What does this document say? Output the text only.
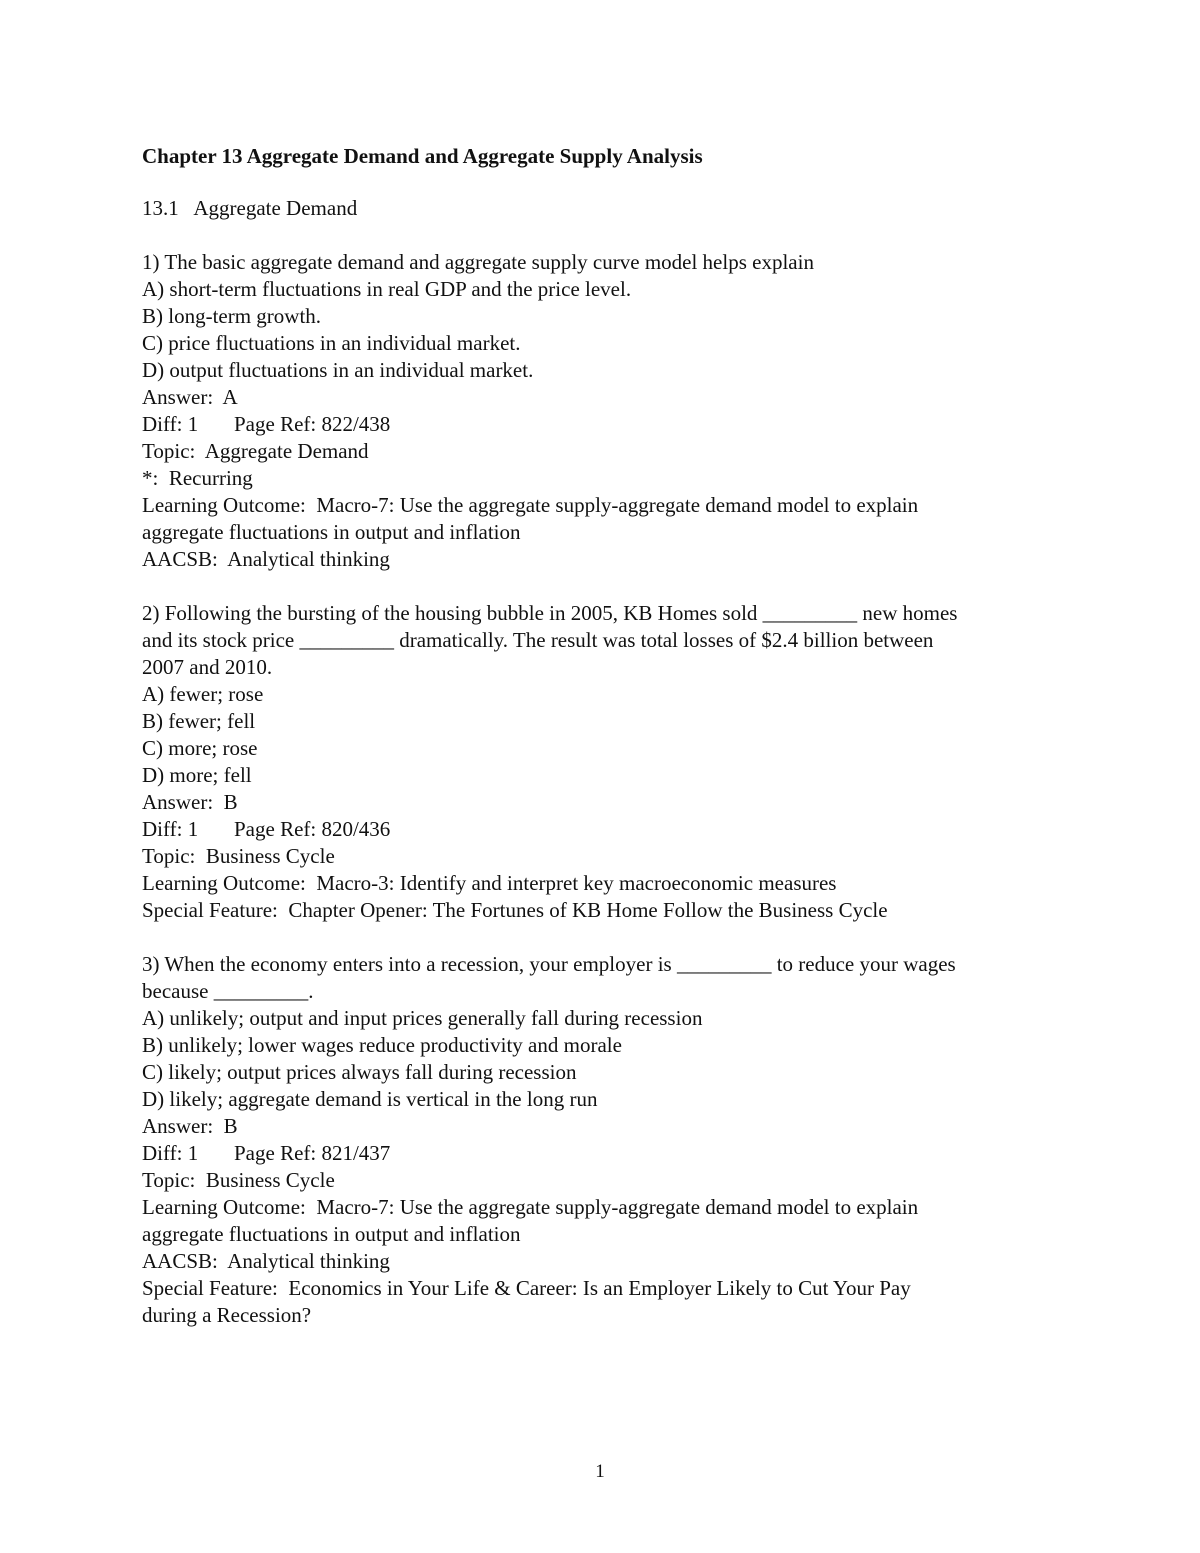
Chapter 13 Aggregate Demand and Aggregate Supply Analysis
13.1   Aggregate Demand
1) The basic aggregate demand and aggregate supply curve model helps explain
A) short-term fluctuations in real GDP and the price level.
B) long-term growth.
C) price fluctuations in an individual market.
D) output fluctuations in an individual market.
Answer:  A
Diff: 1 Page Ref: 822/438
Topic:  Aggregate Demand
*:  Recurring
Learning Outcome:  Macro-7: Use the aggregate supply-aggregate demand model to explain
aggregate fluctuations in output and inflation
AACSB:  Analytical thinking
2) Following the bursting of the housing bubble in 2005, KB Homes sold _________ new homes
and its stock price _________ dramatically. The result was total losses of $2.4 billion between
2007 and 2010.
A) fewer; rose
B) fewer; fell
C) more; rose
D) more; fell
Answer:  B
Diff: 1 Page Ref: 820/436
Topic:  Business Cycle
Learning Outcome:  Macro-3: Identify and interpret key macroeconomic measures
Special Feature:  Chapter Opener: The Fortunes of KB Home Follow the Business Cycle
3) When the economy enters into a recession, your employer is _________ to reduce your wages
because _________.
A) unlikely; output and input prices generally fall during recession
B) unlikely; lower wages reduce productivity and morale
C) likely; output prices always fall during recession
D) likely; aggregate demand is vertical in the long run
Answer:  B
Diff: 1 Page Ref: 821/437
Topic:  Business Cycle
Learning Outcome:  Macro-7: Use the aggregate supply-aggregate demand model to explain
aggregate fluctuations in output and inflation
AACSB:  Analytical thinking
Special Feature:  Economics in Your Life & Career: Is an Employer Likely to Cut Your Pay
during a Recession?
1
